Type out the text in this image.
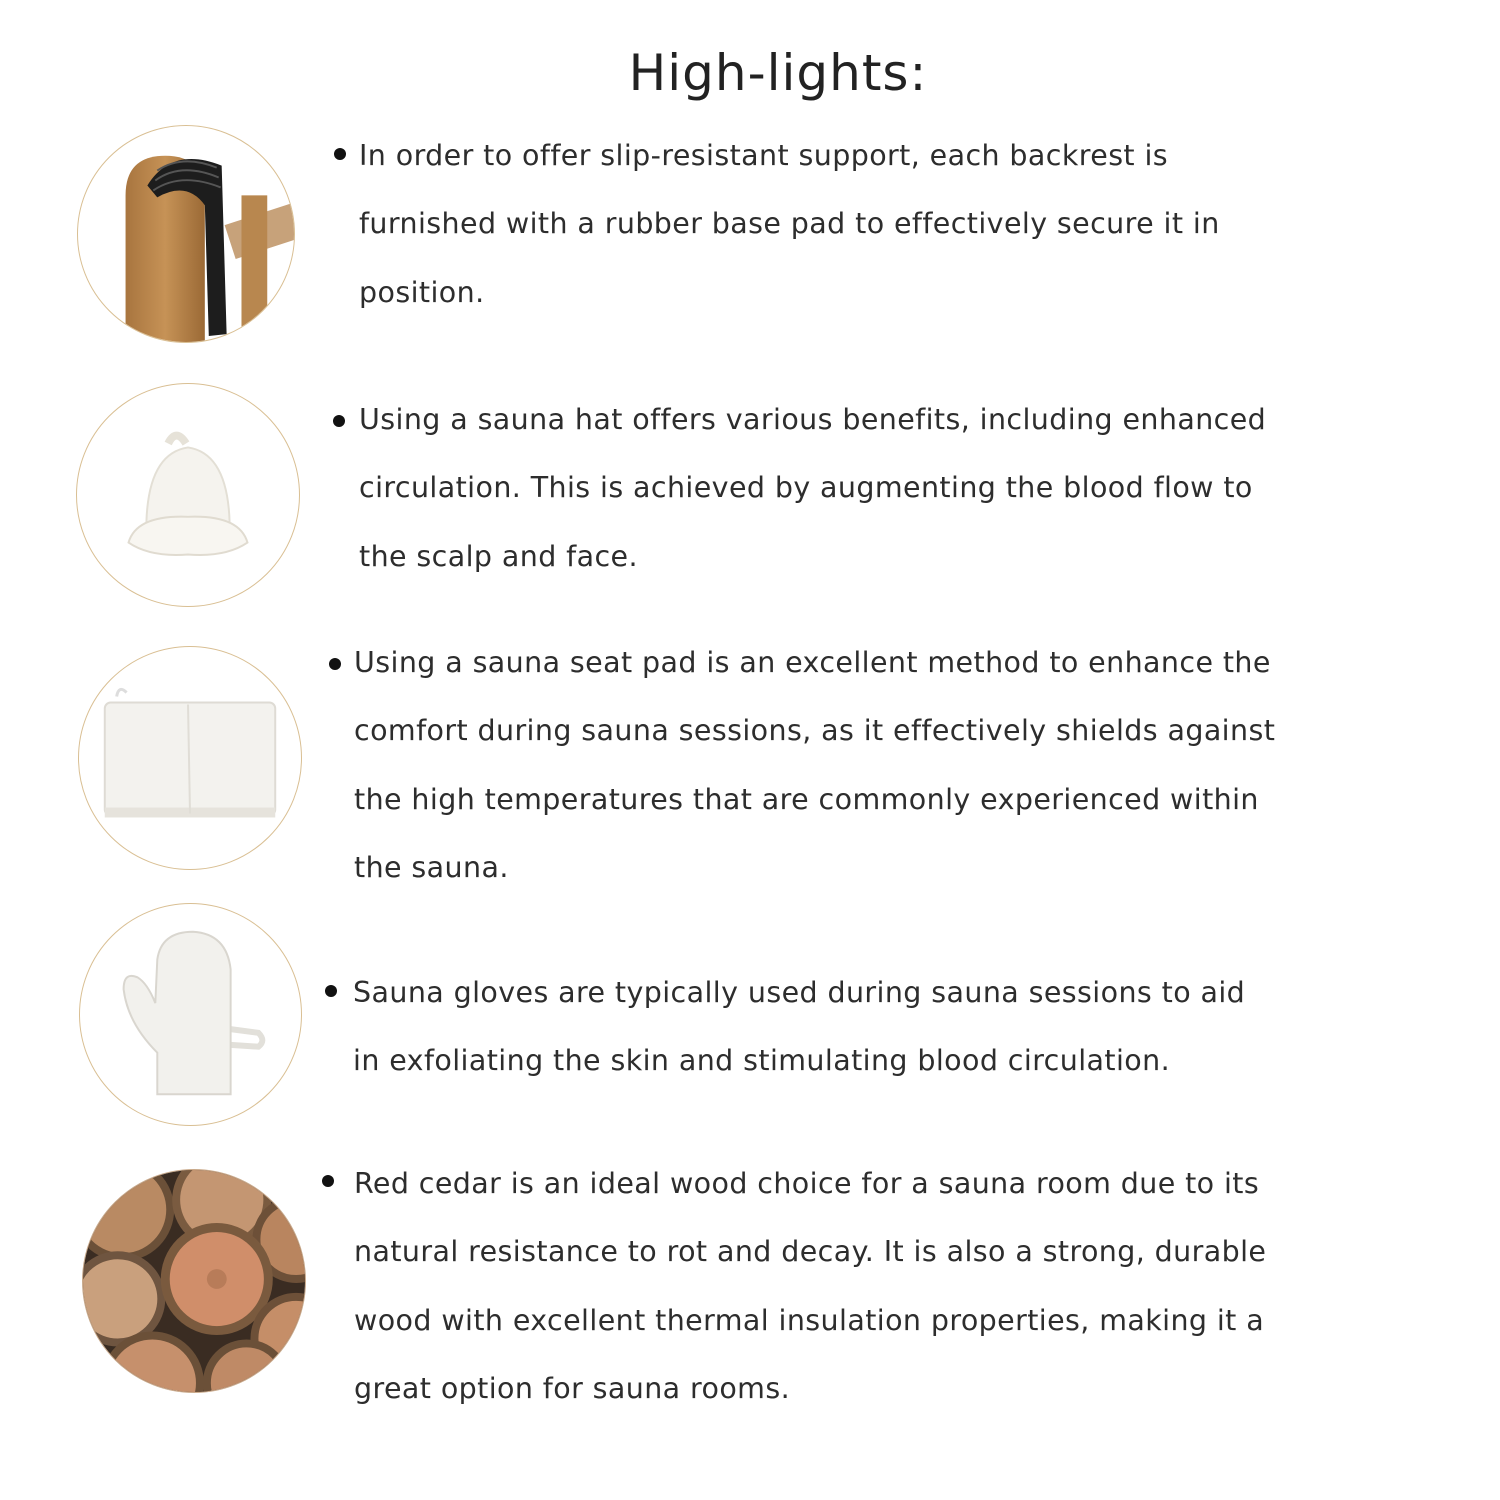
High-lights:
In order to offer slip-resistant support, each backrest is
furnished with a rubber base pad to effectively secure it in
position.
Using a sauna hat offers various benefits, including enhanced
circulation. This is achieved by augmenting the blood flow to
the scalp and face.
Using a sauna seat pad is an excellent method to enhance the
comfort during sauna sessions, as it effectively shields against
the high temperatures that are commonly experienced within
the sauna.
Sauna gloves are typically used during sauna sessions to aid
in exfoliating the skin and stimulating blood circulation.
Red cedar is an ideal wood choice for a sauna room due to its
natural resistance to rot and decay. It is also a strong, durable
wood with excellent thermal insulation properties, making it a
great option for sauna rooms.
